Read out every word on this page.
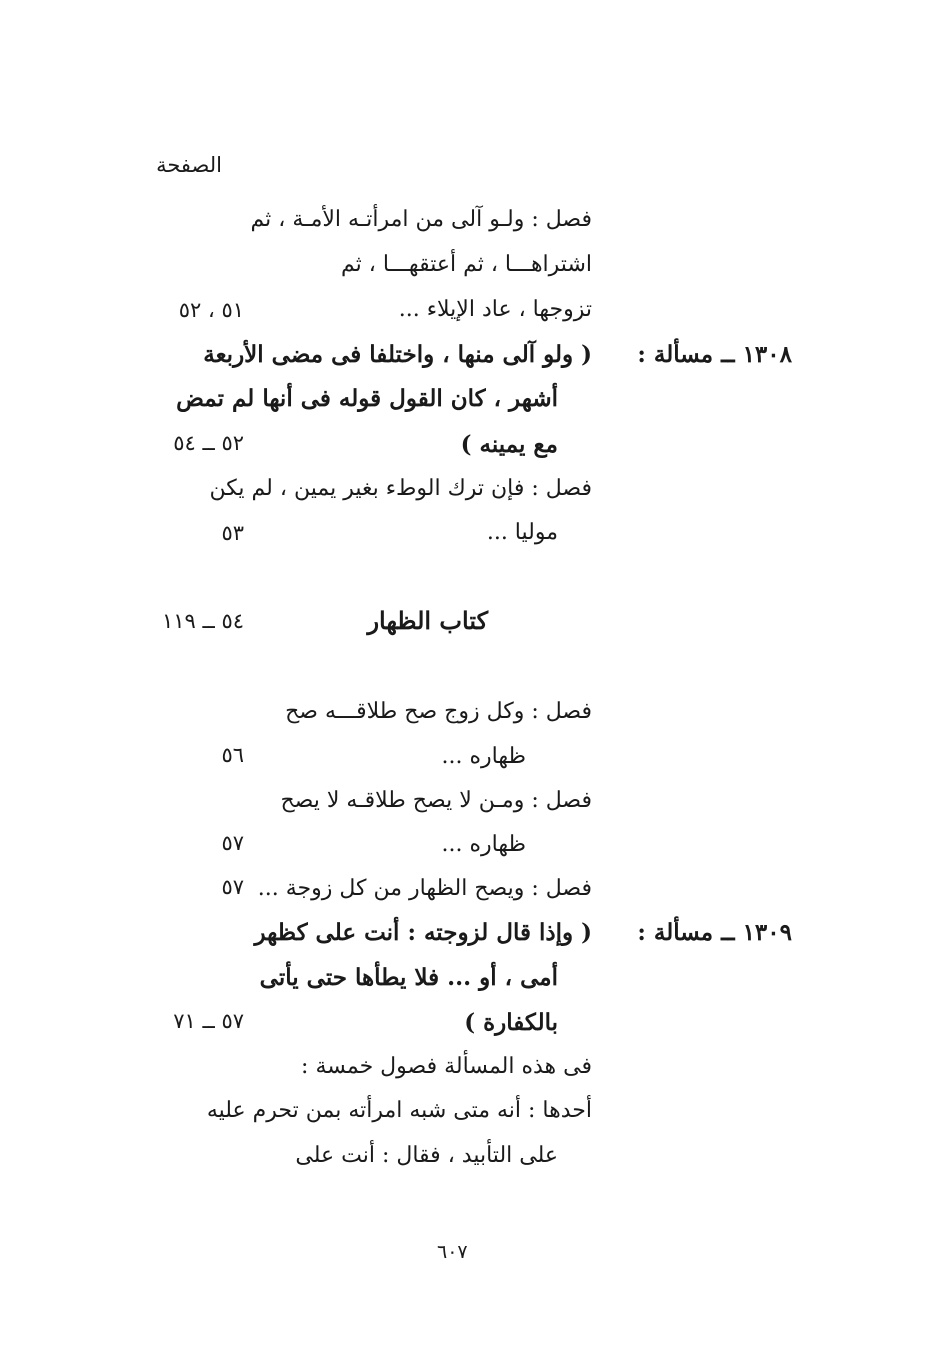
الصفحة
فصل : ولـو آلى من امرأتـه الأمـة ، ثم
اشتراهـــا ، ثم أعتقهـــا ، ثم
تزوجها ، عاد الإيلاء ...
٥١ ، ٥٢
١٣٠٨ ــ مسألة :
( ولو آلى منها ، واختلفا فى مضى الأربعة
أشهر ، كان القول قوله فى أنها لم تمض
مع يمينه )
٥٢ ــ ٥٤
فصل : فإن ترك الوطء بغير يمين ، لم يكن
موليا ...
٥٣
كتاب الظهار
٥٤ ــ ١١٩
فصل : وكل زوج صح طلاقـــه صح
ظهاره ...
٥٦
فصل : ومـن لا يصح طلاقـه لا يصح
ظهاره ...
٥٧
فصل : ويصح الظهار من كل زوجة ...
٥٧
١٣٠٩ ــ مسألة :
( وإذا قال لزوجته : أنت على كظهر
أمى ، أو ... فلا يطأها حتى يأتى
بالكفارة )
٥٧ ــ ٧١
فى هذه المسألة فصول خمسة :
أحدها : أنه متى شبه امرأته بمن تحرم عليه
على التأبيد ، فقال : أنت على
٦٠٧
